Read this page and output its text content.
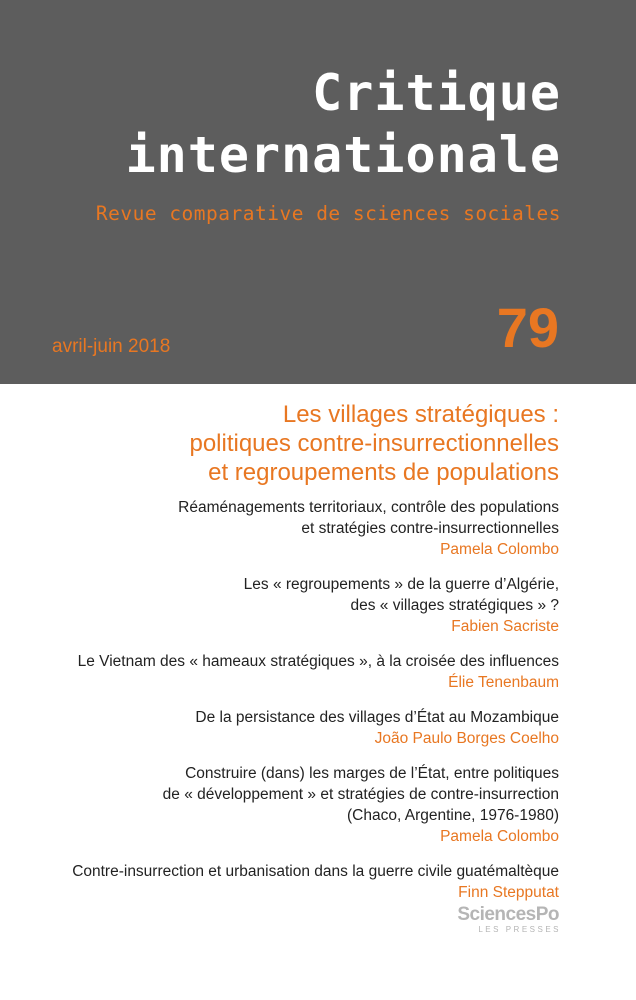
Critique
internationale
Revue comparative de sciences sociales
avril-juin 2018	79
Les villages stratégiques :
politiques contre-insurrectionnelles
et regroupements de populations
Réaménagements territoriaux, contrôle des populations
et stratégies contre-insurrectionnelles
Pamela Colombo
Les « regroupements » de la guerre d’Algérie,
des « villages stratégiques » ?
Fabien Sacriste
Le Vietnam des « hameaux stratégiques », à la croisée des influences
Élie Tenenbaum
De la persistance des villages d’État au Mozambique
João Paulo Borges Coelho
Construire (dans) les marges de l’État, entre politiques
de « développement » et stratégies de contre-insurrection
(Chaco, Argentine, 1976-1980)
Pamela Colombo
Contre-insurrection et urbanisation dans la guerre civile guatémaltèque
Finn Stepputat
SciencesPo
LES PRESSES
